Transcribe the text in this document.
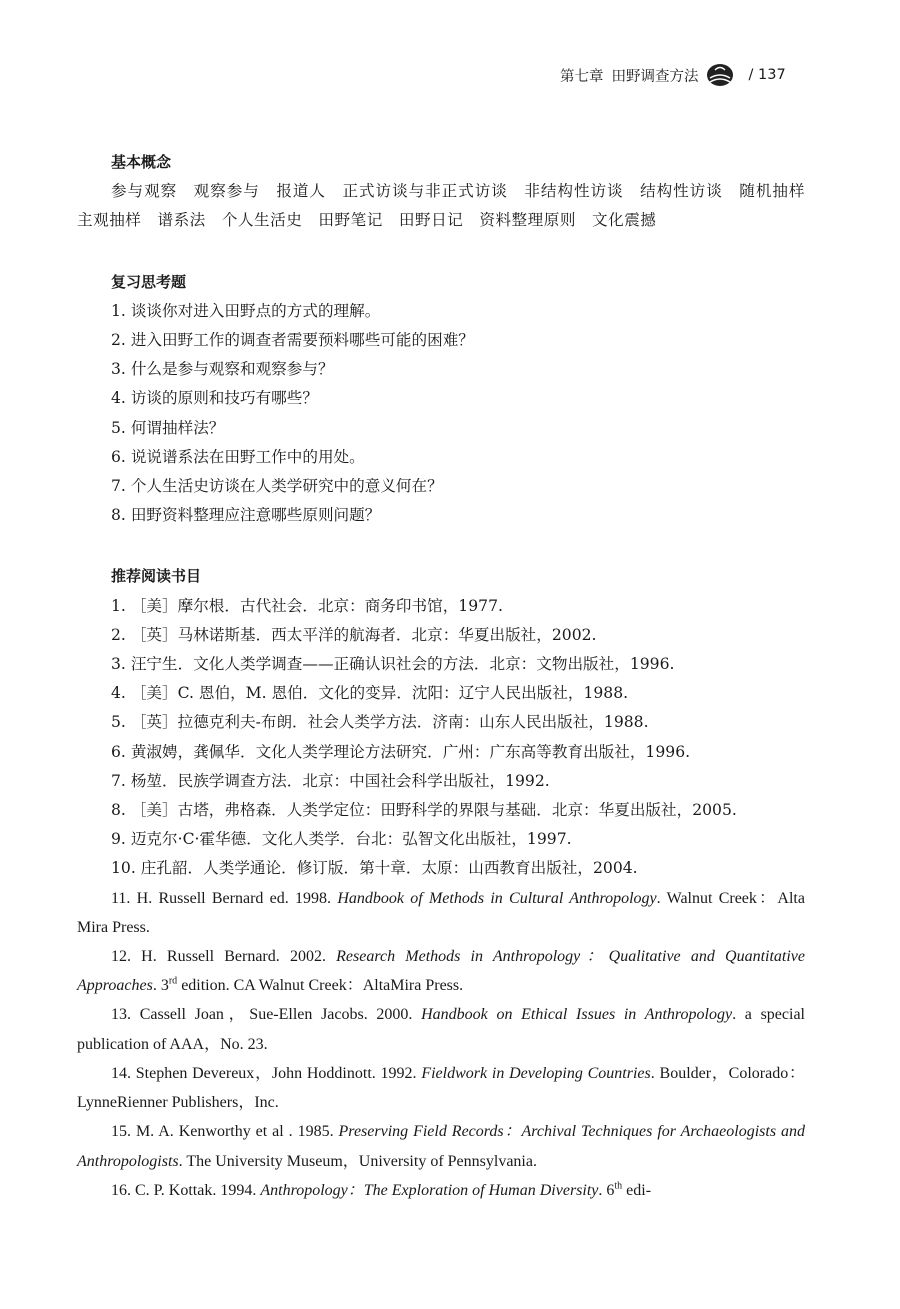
第七章 田野调查方法	/ 137
基本概念
参与观察　观察参与　报道人　正式访谈与非正式访谈　非结构性访谈　结构性访谈　随机抽样　主观抽样　谱系法　个人生活史　田野笔记　田野日记　资料整理原则　文化震撼
复习思考题
1. 谈谈你对进入田野点的方式的理解。
2. 进入田野工作的调查者需要预料哪些可能的困难？
3. 什么是参与观察和观察参与？
4. 访谈的原则和技巧有哪些？
5. 何谓抽样法？
6. 说说谱系法在田野工作中的用处。
7. 个人生活史访谈在人类学研究中的意义何在？
8. 田野资料整理应注意哪些原则问题？
推荐阅读书目
1. ［美］摩尔根．古代社会．北京：商务印书馆，1977.
2. ［英］马林诺斯基．西太平洋的航海者．北京：华夏出版社，2002.
3. 汪宁生．文化人类学调查——正确认识社会的方法．北京：文物出版社，1996.
4. ［美］C. 恩伯，M. 恩伯．文化的变异．沈阳：辽宁人民出版社，1988.
5. ［英］拉德克利夫-布朗．社会人类学方法．济南：山东人民出版社，1988.
6. 黄淑娉，龚佩华．文化人类学理论方法研究．广州：广东高等教育出版社，1996.
7. 杨堃．民族学调查方法．北京：中国社会科学出版社，1992.
8. ［美］古塔，弗格森．人类学定位：田野科学的界限与基础．北京：华夏出版社，2005.
9. 迈克尔·C·霍华德．文化人类学．台北：弘智文化出版社，1997.
10. 庄孔韶．人类学通论．修订版．第十章．太原：山西教育出版社，2004.
11. H. Russell Bernard ed. 1998. Handbook of Methods in Cultural Anthropology. Walnut Creek：Alta Mira Press.
12. H. Russell Bernard. 2002. Research Methods in Anthropology：Qualitative and Quantitative Approaches. 3rd edition. CA Walnut Creek：AltaMira Press.
13. Cassell Joan，Sue-Ellen Jacobs. 2000. Handbook on Ethical Issues in Anthropology. a special publication of AAA，No. 23.
14. Stephen Devereux，John Hoddinott. 1992. Fieldwork in Developing Countries. Boulder，Colorado：LynneRienner Publishers，Inc.
15. M. A. Kenworthy et al . 1985. Preserving Field Records：Archival Techniques for Archaeologists and Anthropologists. The University Museum，University of Pennsylvania.
16. C. P. Kottak. 1994. Anthropology：The Exploration of Human Diversity. 6th edi-
